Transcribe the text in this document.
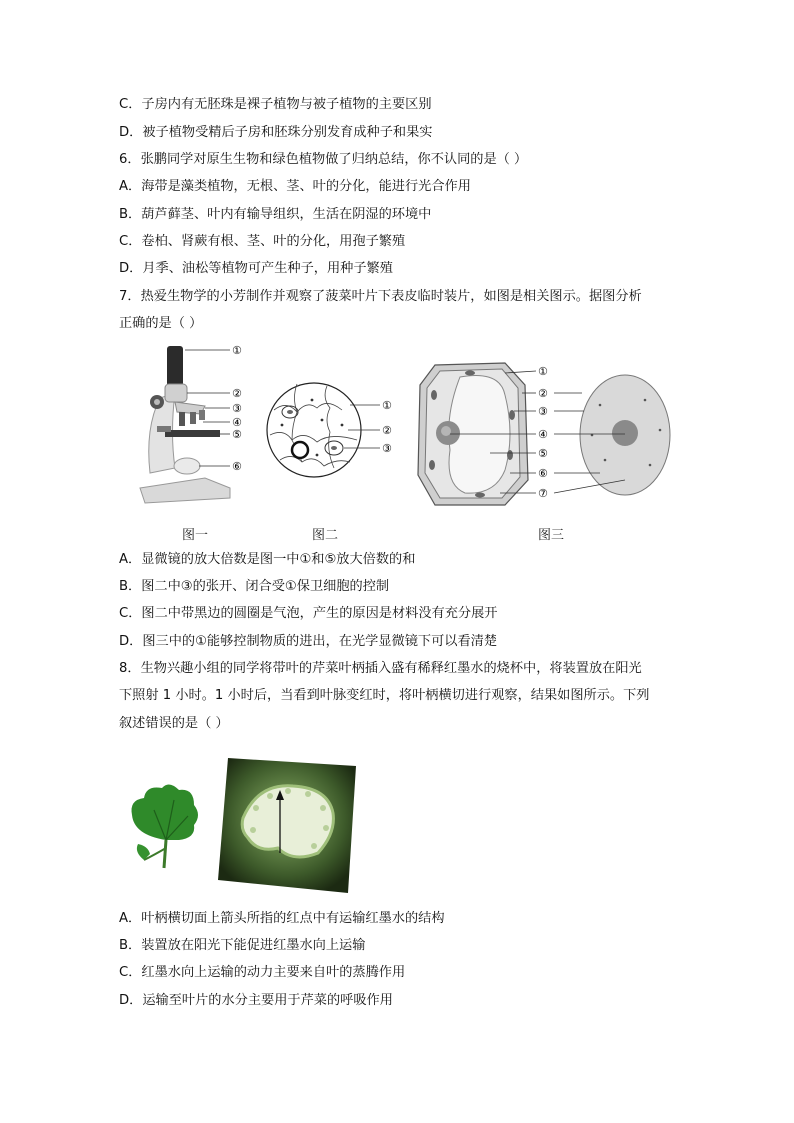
C．子房内有无胚珠是裸子植物与被子植物的主要区别
D．被子植物受精后子房和胚珠分别发育成种子和果实
6．张鹏同学对原生生物和绿色植物做了归纳总结，你不认同的是（ ）
A．海带是藻类植物，无根、茎、叶的分化，能进行光合作用
B．葫芦藓茎、叶内有输导组织，生活在阴湿的环境中
C．卷柏、肾蕨有根、茎、叶的分化，用孢子繁殖
D．月季、油松等植物可产生种子，用种子繁殖
7．热爱生物学的小芳制作并观察了菠菜叶片下表皮临时装片，如图是相关图示。据图分析
正确的是（ ）
①
②
③
④
⑤
⑥
①
②
③
①
②
③
④
⑤
⑥
⑦
图一	图二	图三
A．显微镜的放大倍数是图一中①和⑤放大倍数的和
B．图二中③的张开、闭合受①保卫细胞的控制
C．图二中带黑边的圆圈是气泡，产生的原因是材料没有充分展开
D．图三中的①能够控制物质的进出，在光学显微镜下可以看清楚
8．生物兴趣小组的同学将带叶的芹菜叶柄插入盛有稀释红墨水的烧杯中，将装置放在阳光
下照射 1 小时。1 小时后，当看到叶脉变红时，将叶柄横切进行观察，结果如图所示。下列
叙述错误的是（ ）
A．叶柄横切面上箭头所指的红点中有运输红墨水的结构
B．装置放在阳光下能促进红墨水向上运输
C．红墨水向上运输的动力主要来自叶的蒸腾作用
D．运输至叶片的水分主要用于芹菜的呼吸作用
